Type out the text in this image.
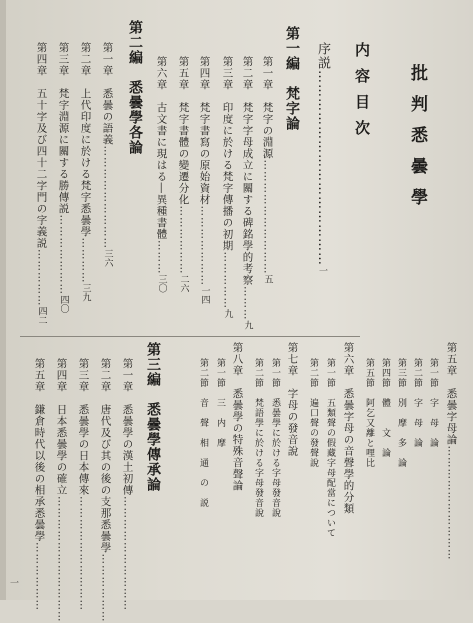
批判悉曇學
内容目次
序説……………………………………一
第一編　梵字論
第一章　梵字の淵源…………………………五
第二章　梵字字母成立に關する碑銘學的考察………九
第三章　印度に於ける梵字傳播の初期……………九
第四章　梵字書寫の原始資材…………………一四
第五章　梵字書體の變遷分化………………二六
第六章　古文書に現はる―異種書體………三〇
第二編　悉曇學各論
第一章　悉曇の語義………………………三六
第二章　上代印度に於ける梵字悉曇學…………三九
第三章　梵字淵源に關する勝傳説…………………四〇
第四章　五十字及び四十二字門の字義説……………四二
第五章　悉曇字母論…………………………
第一節　字　母　論
第二節　字　母　論
第三節　別　摩　多　論
第四節　體　　文　論
第五節　阿乞又離と哩比
第六章　悉曇字母の音聲學的分類
第一節　五類聲の假藏字母配當について
第二節　遍口聲の發聲說
第七章　字母の發音說
第一節　悉曇學に於ける字母發音說
第二節　梵語學に於ける字母發音說
第八章　悉曇學の特殊音聲論
第一節　三　内　摩
第二節　音　聲　相　通　の　説
第三編　悉曇學傳承論
第一章　悉曇學の漢土初傳…………………………
第二章　唐代及び其の後の支那悉曇學………………
第三章　悉曇學の日本傳來…………………………
第四章　日本悉曇學の確立……………………………
第五章　鎌倉時代以後の相承悉曇學………………
一
